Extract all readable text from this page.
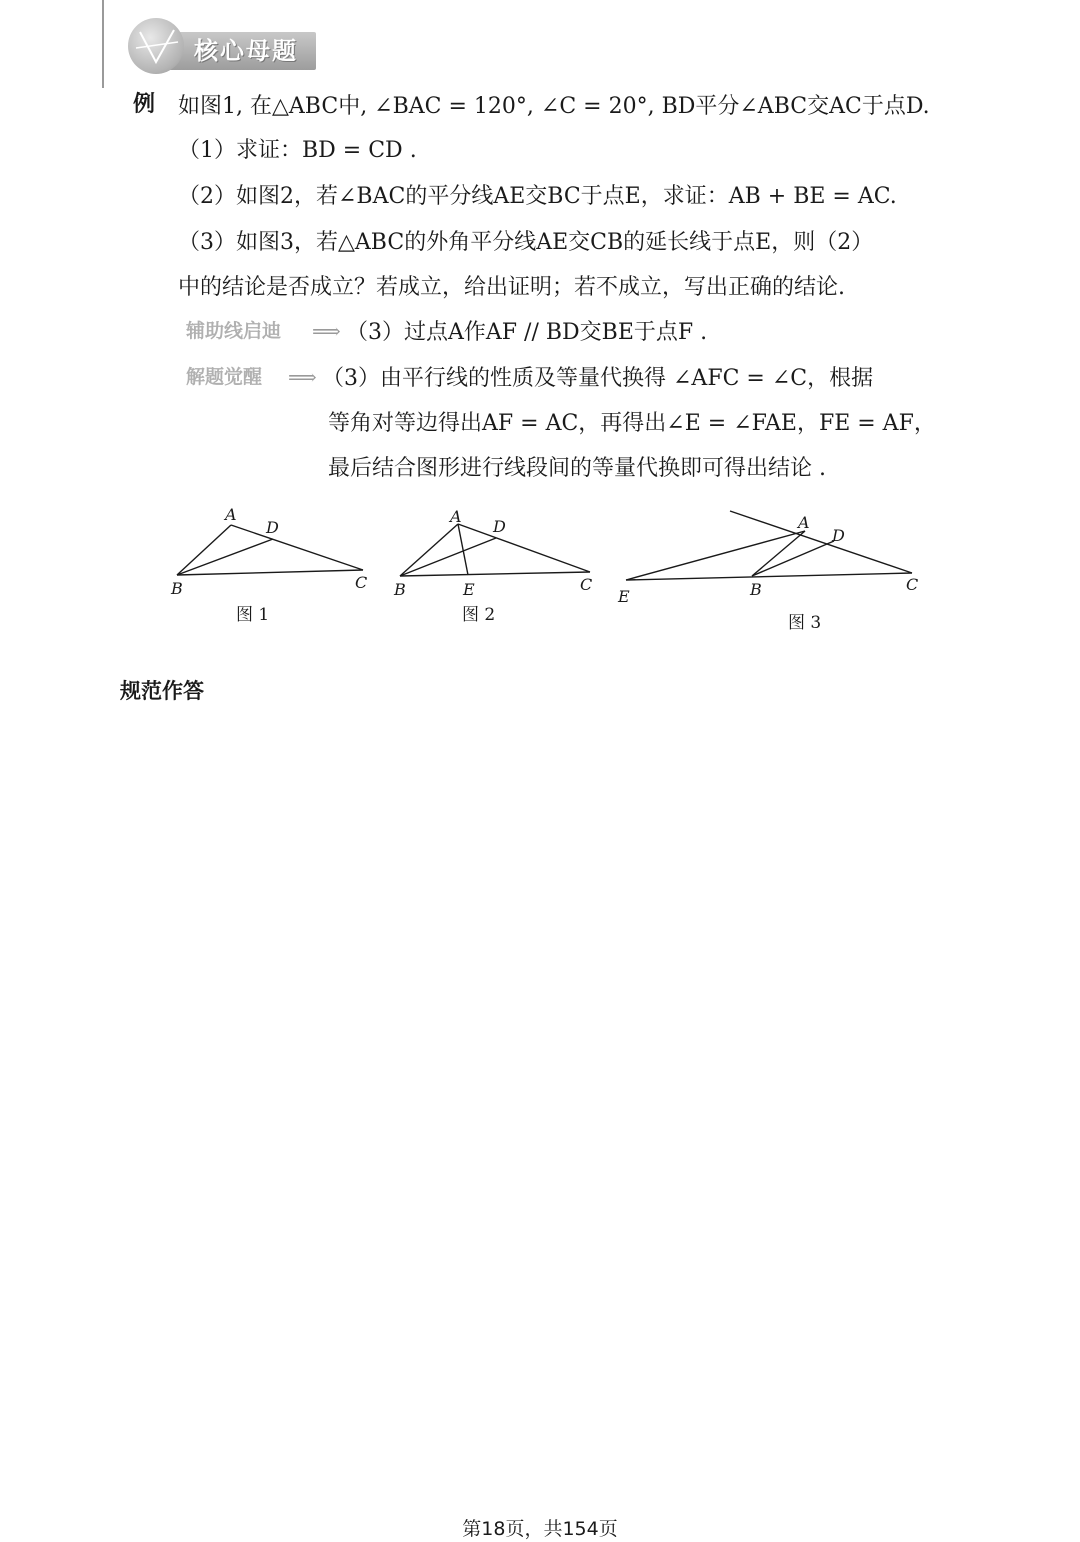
核心母题
例 如图1, 在△ABC中, ∠BAC = 120°, ∠C = 20°, BD平分∠ABC交AC于点D.
（1）求证：BD = CD .
（2）如图2，若∠BAC的平分线AE交BC于点E，求证：AB + BE = AC.
（3）如图3，若△ABC的外角平分线AE交CB的延长线于点E，则（2）
中的结论是否成立？若成立，给出证明；若不成立，写出正确的结论.
辅助线启迪 ⟹ （3）过点A作AF // BD交BE于点F .
解题觉醒 ⟹ （3）由平行线的性质及等量代换得 ∠AFC = ∠C，根据
等角对等边得出AF = AC，再得出∠E = ∠FAE，FE = AF，
最后结合图形进行线段间的等量代换即可得出结论 .
A
D
B	C
图 1
A
D
B	E	C
图 2
A
D
B
E
C
图 3
规范作答
第18页，共154页
